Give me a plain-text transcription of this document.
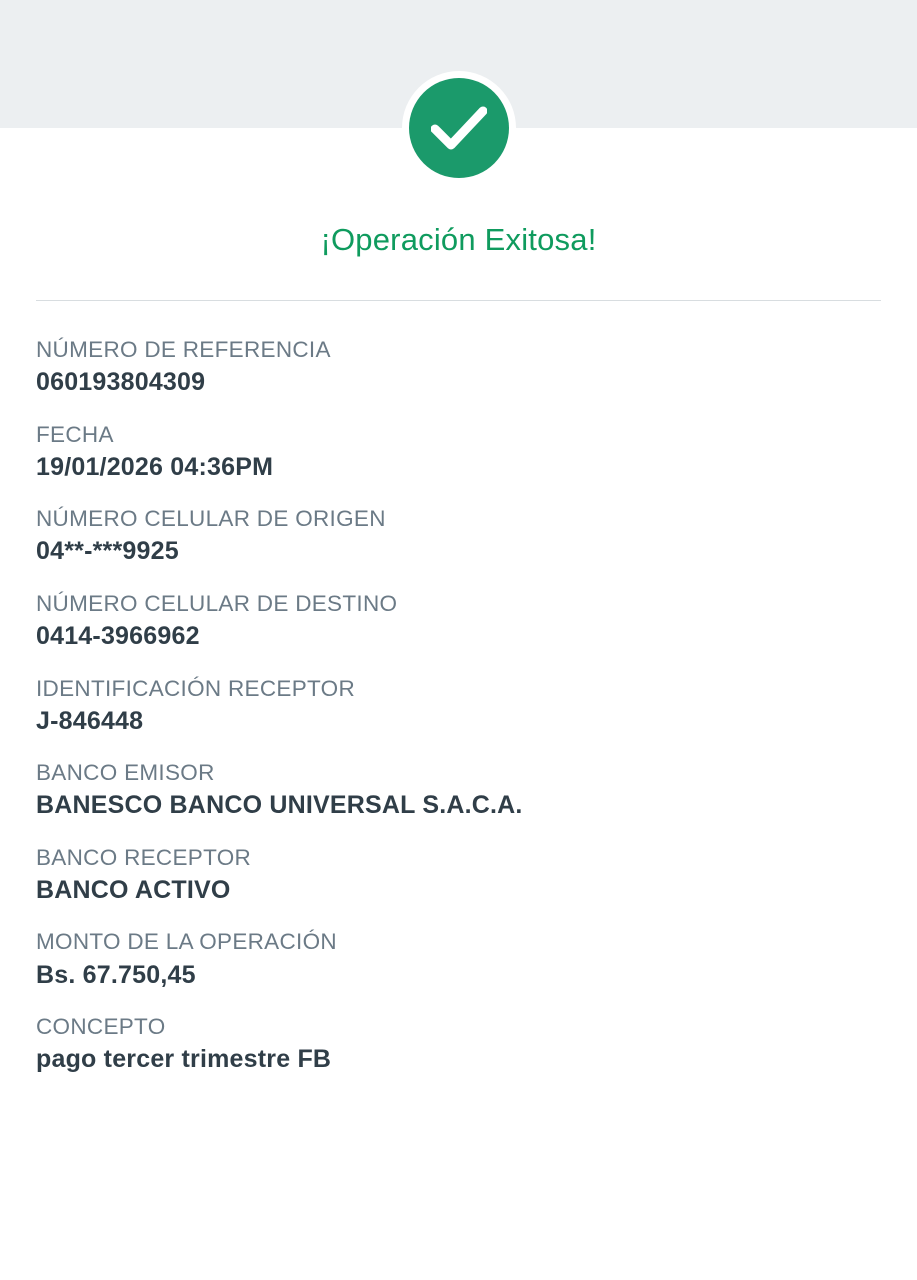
¡Operación Exitosa!
NÚMERO DE REFERENCIA
060193804309
FECHA
19/01/2026 04:36PM
NÚMERO CELULAR DE ORIGEN
04**-***9925
NÚMERO CELULAR DE DESTINO
0414-3966962
IDENTIFICACIÓN RECEPTOR
J-846448
BANCO EMISOR
BANESCO BANCO UNIVERSAL S.A.C.A.
BANCO RECEPTOR
BANCO ACTIVO
MONTO DE LA OPERACIÓN
Bs. 67.750,45
CONCEPTO
pago tercer trimestre FB
